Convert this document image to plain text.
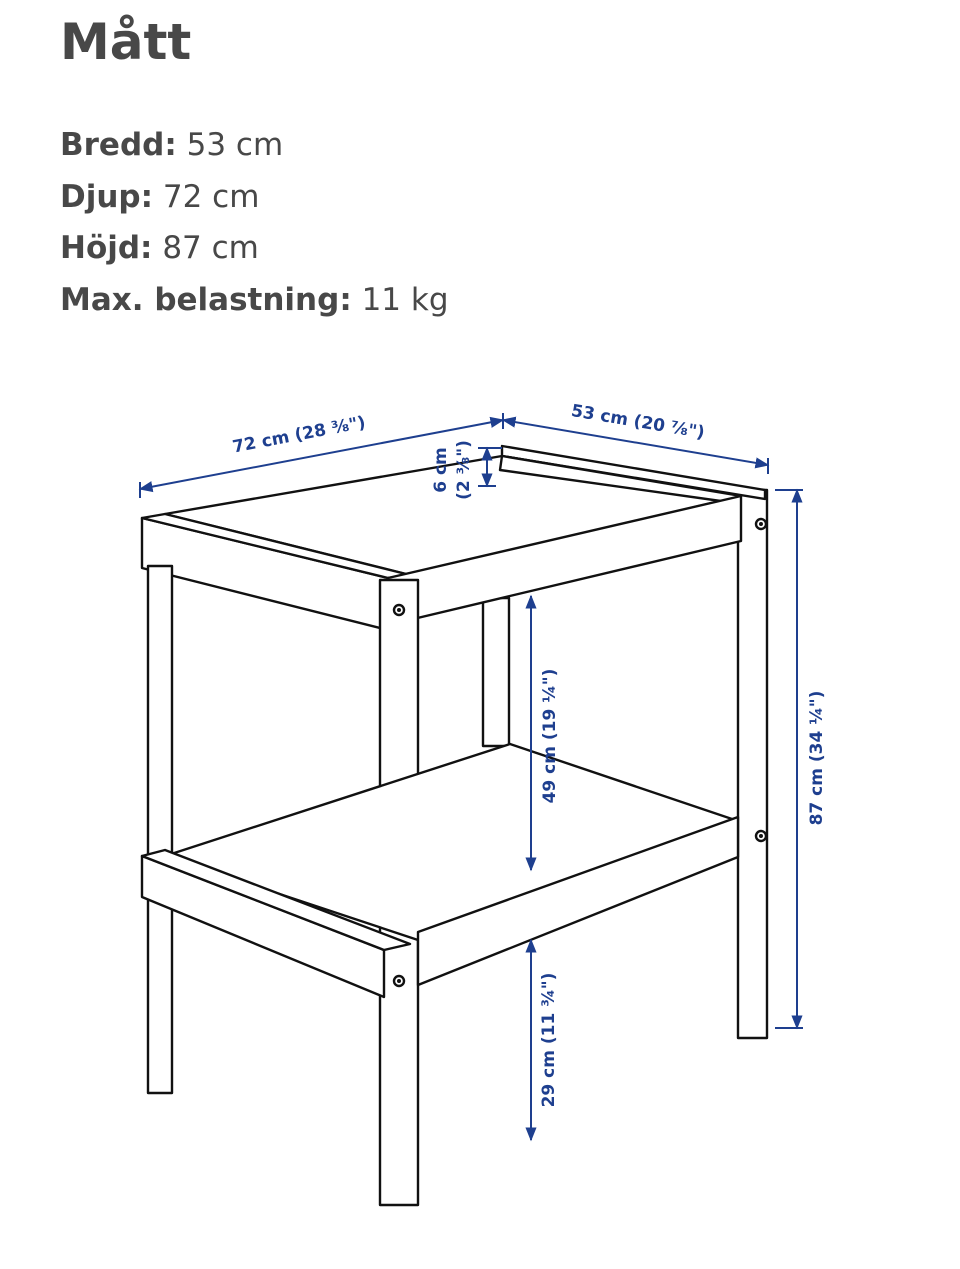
Mått
Bredd: 53 cm
Djup: 72 cm
Höjd: 87 cm
Max. belastning: 11 kg
72 cm (28 ⅜")	53 cm (20 ⅞")
6 cm (2 ⅜")
49 cm (19 ¼")
29 cm (11 ¾")
87 cm (34 ¼")
